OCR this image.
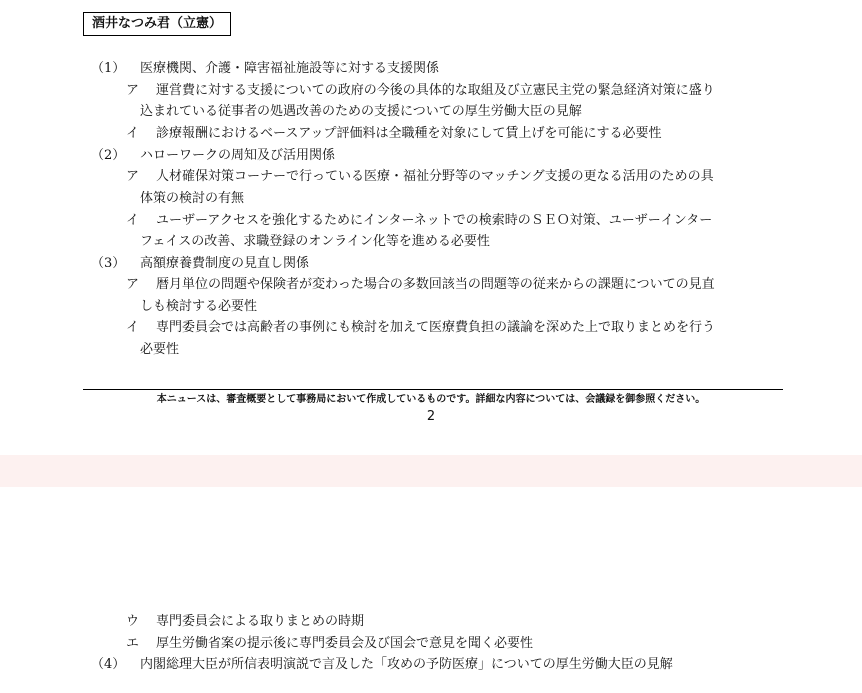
酒井なつみ君（立憲）
（1） 医療機関、介護・障害福祉施設等に対する支援関係
ア 運営費に対する支援についての政府の今後の具体的な取組及び立憲民主党の緊急経済対策に盛り
込まれている従事者の処遇改善のための支援についての厚生労働大臣の見解
イ 診療報酬におけるベースアップ評価料は全職種を対象にして賃上げを可能にする必要性
（2） ハローワークの周知及び活用関係
ア 人材確保対策コーナーで行っている医療・福祉分野等のマッチング支援の更なる活用のための具
体策の検討の有無
イ ユーザーアクセスを強化するためにインターネットでの検索時のＳＥＯ対策、ユーザーインター
フェイスの改善、求職登録のオンライン化等を進める必要性
（3） 高額療養費制度の見直し関係
ア 暦月単位の問題や保険者が変わった場合の多数回該当の問題等の従来からの課題についての見直
しも検討する必要性
イ 専門委員会では高齢者の事例にも検討を加えて医療費負担の議論を深めた上で取りまとめを行う
必要性
本ニュースは、審査概要として事務局において作成しているものです。詳細な内容については、会議録を御参照ください。
2
ウ 専門委員会による取りまとめの時期
エ 厚生労働省案の提示後に専門委員会及び国会で意見を聞く必要性
（4） 内閣総理大臣が所信表明演説で言及した「攻めの予防医療」についての厚生労働大臣の見解
